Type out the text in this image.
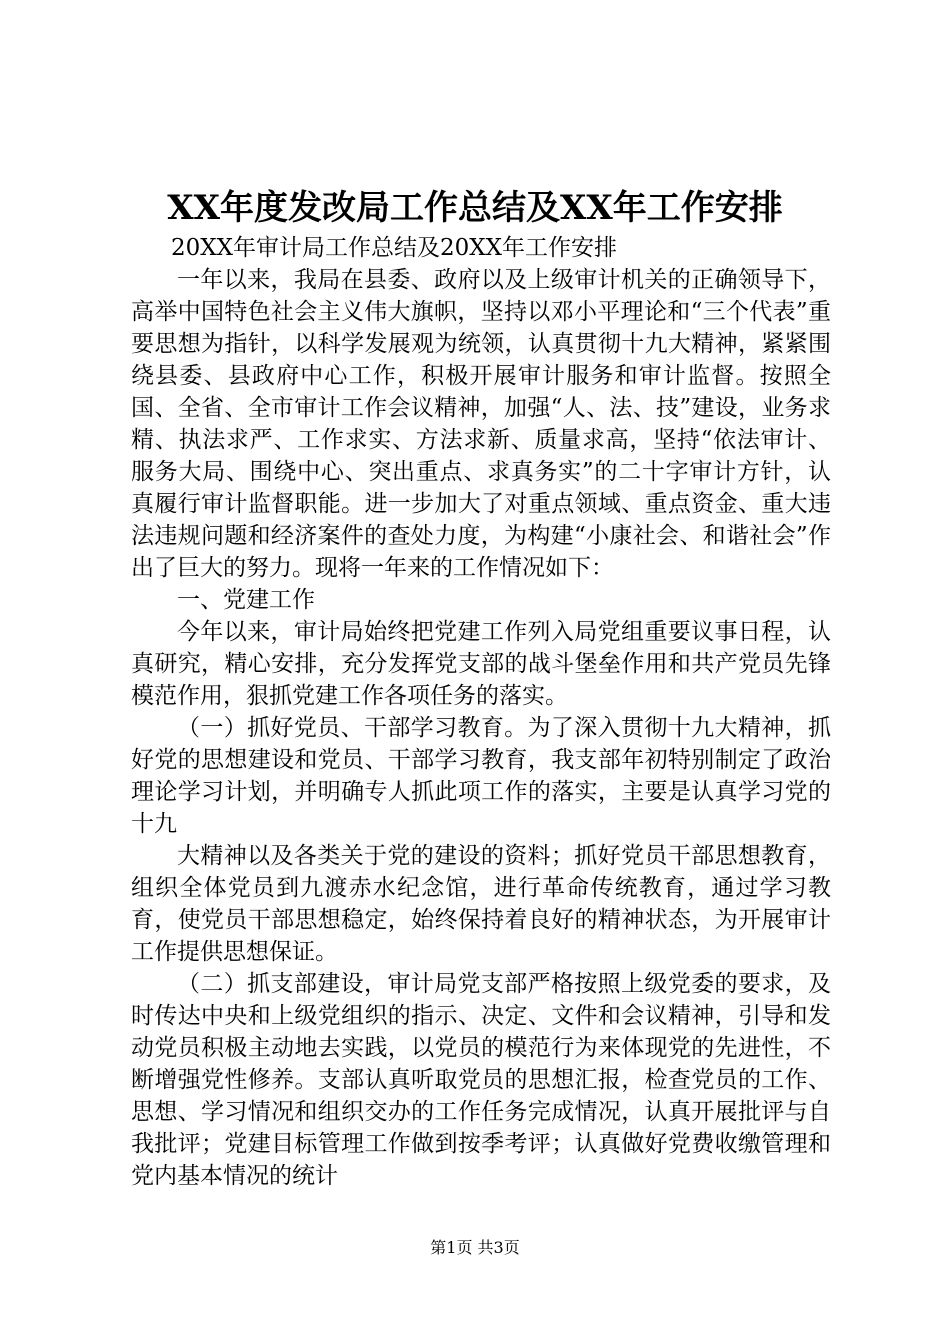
XX年度发改局工作总结及XX年工作安排

20XX年审计局工作总结及20XX年工作安排

一年以来，我局在县委、政府以及上级审计机关的正确领导下，高举中国特色社会主义伟大旗帜，坚持以邓小平理论和“三个代表”重要思想为指针，以科学发展观为统领，认真贯彻十九大精神，紧紧围绕县委、县政府中心工作，积极开展审计服务和审计监督。按照全国、全省、全市审计工作会议精神，加强“人、法、技”建设，业务求精、执法求严、工作求实、方法求新、质量求高，坚持“依法审计、服务大局、围绕中心、突出重点、求真务实”的二十字审计方针，认真履行审计监督职能。进一步加大了对重点领域、重点资金、重大违法违规问题和经济案件的查处力度，为构建“小康社会、和谐社会”作出了巨大的努力。现将一年来的工作情况如下：

一、党建工作

今年以来，审计局始终把党建工作列入局党组重要议事日程，认真研究，精心安排，充分发挥党支部的战斗堡垒作用和共产党员先锋模范作用，狠抓党建工作各项任务的落实。

（一）抓好党员、干部学习教育。为了深入贯彻十九大精神，抓好党的思想建设和党员、干部学习教育，我支部年初特别制定了政治理论学习计划，并明确专人抓此项工作的落实，主要是认真学习党的十九

大精神以及各类关于党的建设的资料；抓好党员干部思想教育，组织全体党员到九渡赤水纪念馆，进行革命传统教育，通过学习教育，使党员干部思想稳定，始终保持着良好的精神状态，为开展审计工作提供思想保证。

（二）抓支部建设，审计局党支部严格按照上级党委的要求，及时传达中央和上级党组织的指示、决定、文件和会议精神，引导和发动党员积极主动地去实践，以党员的模范行为来体现党的先进性，不断增强党性修养。支部认真听取党员的思想汇报，检查党员的工作、思想、学习情况和组织交办的工作任务完成情况，认真开展批评与自我批评；党建目标管理工作做到按季考评；认真做好党费收缴管理和党内基本情况的统计

第1页 共3页
